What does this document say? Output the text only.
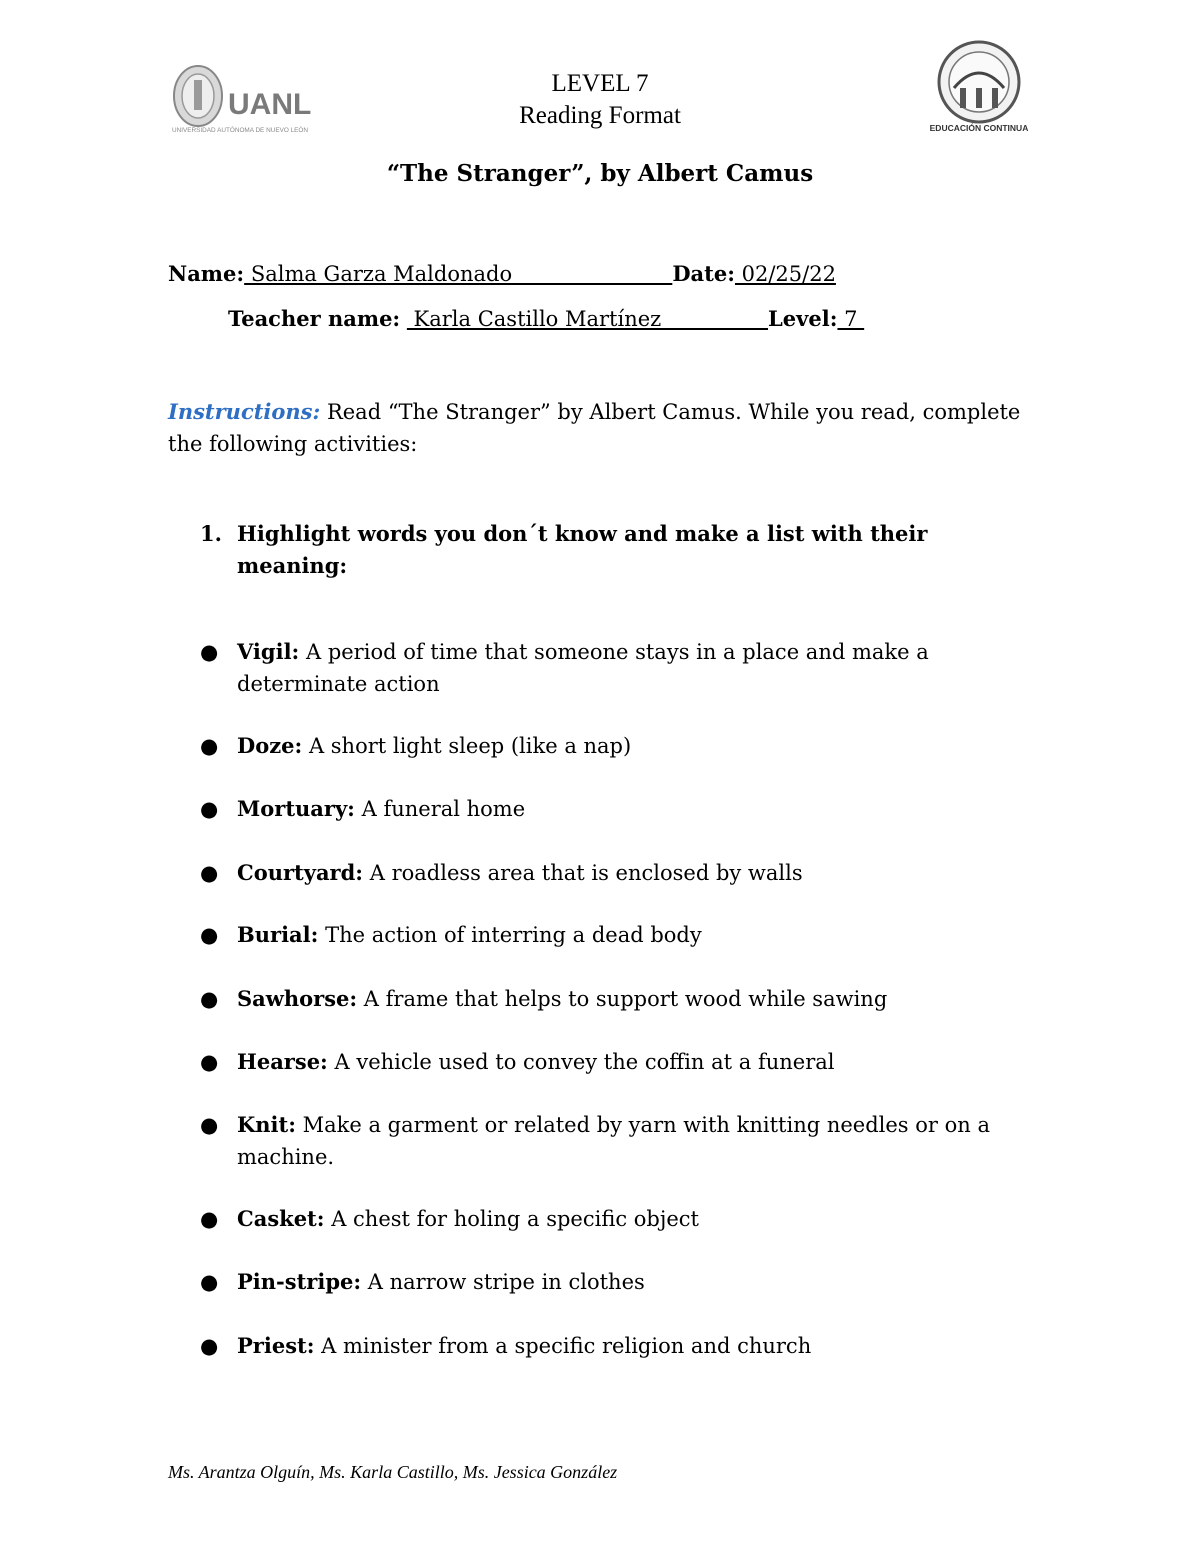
UANL
UNIVERSIDAD AUTÓNOMA DE NUEVO LEÓN	EDUCACIÓN CONTINUA
LEVEL 7
Reading Format
“The Stranger”, by Albert Camus
Name: Salma Garza Maldonado                        Date: 02/25/22
Teacher name:  Karla Castillo Martínez                Level: 7
Instructions: Read “The Stranger” by Albert Camus. While you read, complete the following activities:
1. Highlight words you don´t know and make a list with their meaning:
● Vigil: A period of time that someone stays in a place and make a determinate action
● Doze: A short light sleep (like a nap)
● Mortuary: A funeral home
● Courtyard: A roadless area that is enclosed by walls
● Burial: The action of interring a dead body
● Sawhorse: A frame that helps to support wood while sawing
● Hearse: A vehicle used to convey the coffin at a funeral
● Knit: Make a garment or related by yarn with knitting needles or on a machine.
● Casket: A chest for holing a specific object
● Pin-stripe: A narrow stripe in clothes
● Priest: A minister from a specific religion and church
Ms. Arantza Olguín, Ms. Karla Castillo, Ms. Jessica González
